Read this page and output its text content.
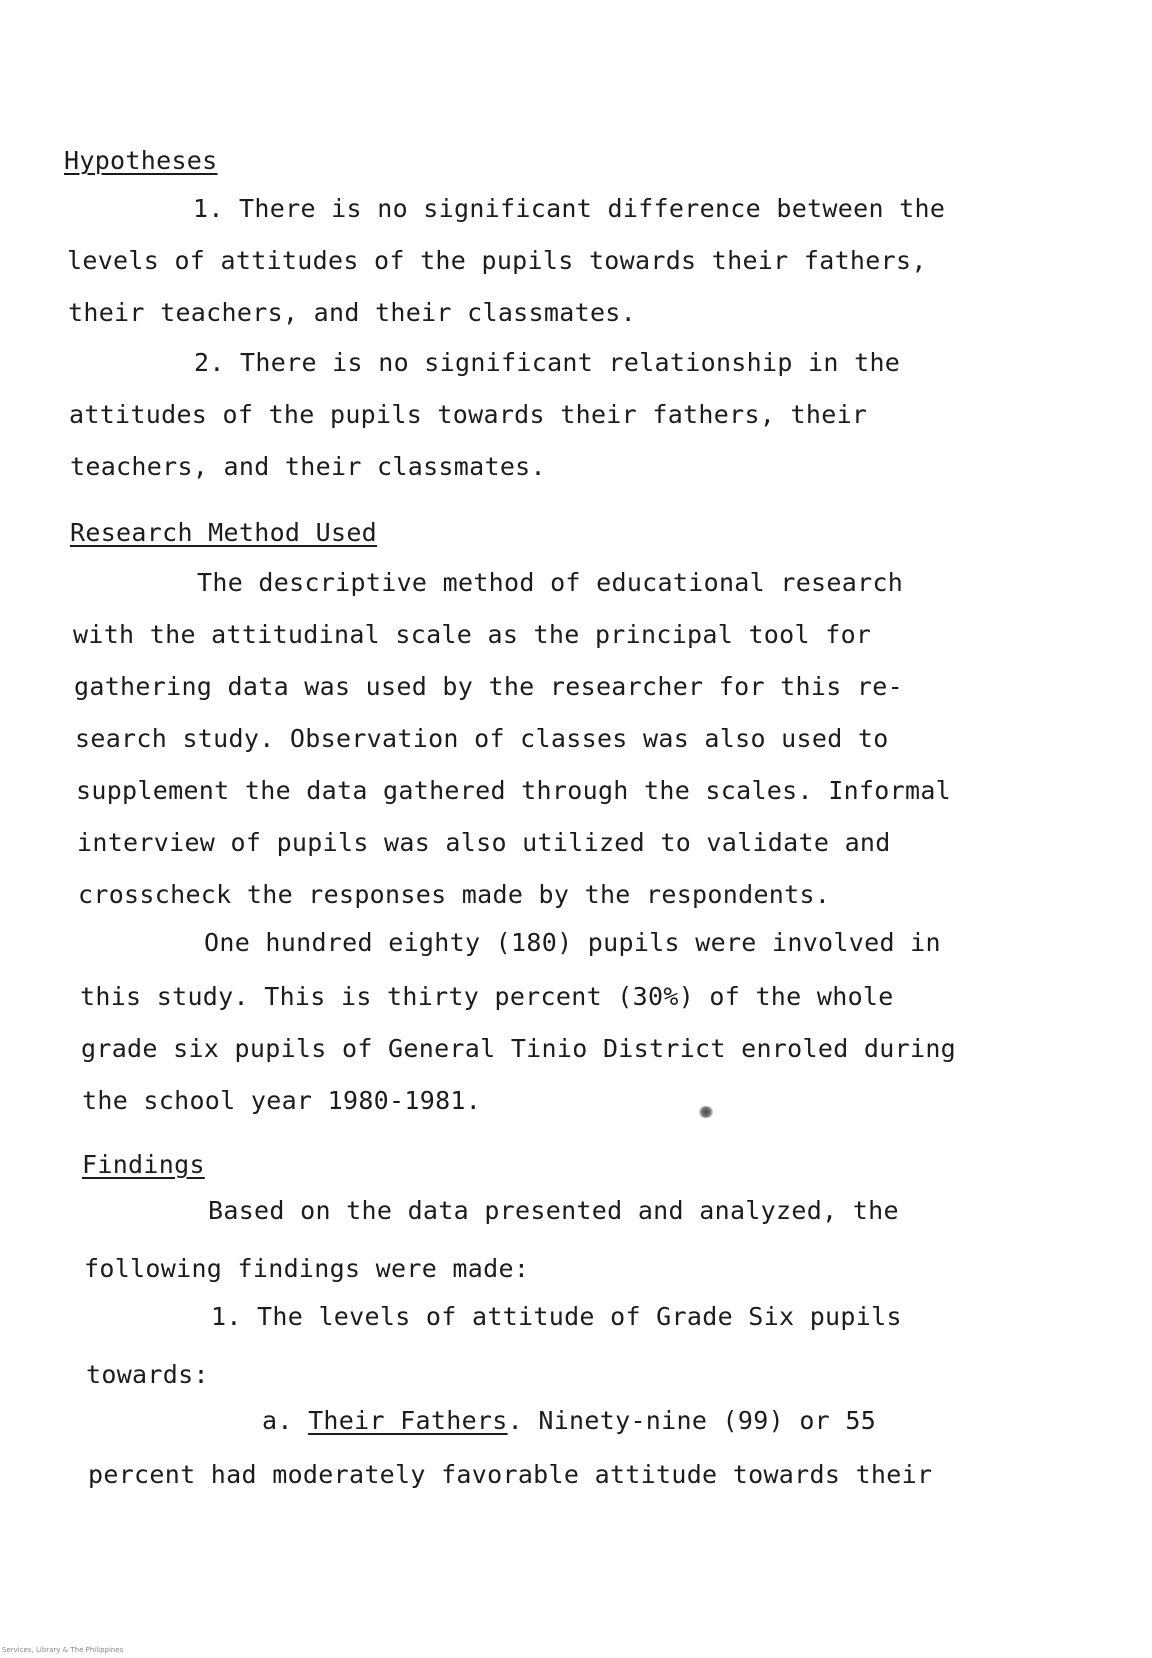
Hypotheses
1. There is no significant difference between the
levels of attitudes of the pupils towards their fathers,
their teachers, and their classmates.
2. There is no significant relationship in the
attitudes of the pupils towards their fathers, their
teachers, and their classmates.
Research Method Used
The descriptive method of educational research
with the attitudinal scale as the principal tool for
gathering data was used by the researcher for this re-
search study. Observation of classes was also used to
supplement the data gathered through the scales. Informal
interview of pupils was also utilized to validate and
crosscheck the responses made by the respondents.
One hundred eighty (180) pupils were involved in
this study. This is thirty percent (30%) of the whole
grade six pupils of General Tinio District enroled during
the school year 1980-1981.
Findings
Based on the data presented and analyzed, the
following findings were made:
1. The levels of attitude of Grade Six pupils
towards:
a. Their Fathers. Ninety-nine (99) or 55
percent had moderately favorable attitude towards their
Services, Library & The Philippines
